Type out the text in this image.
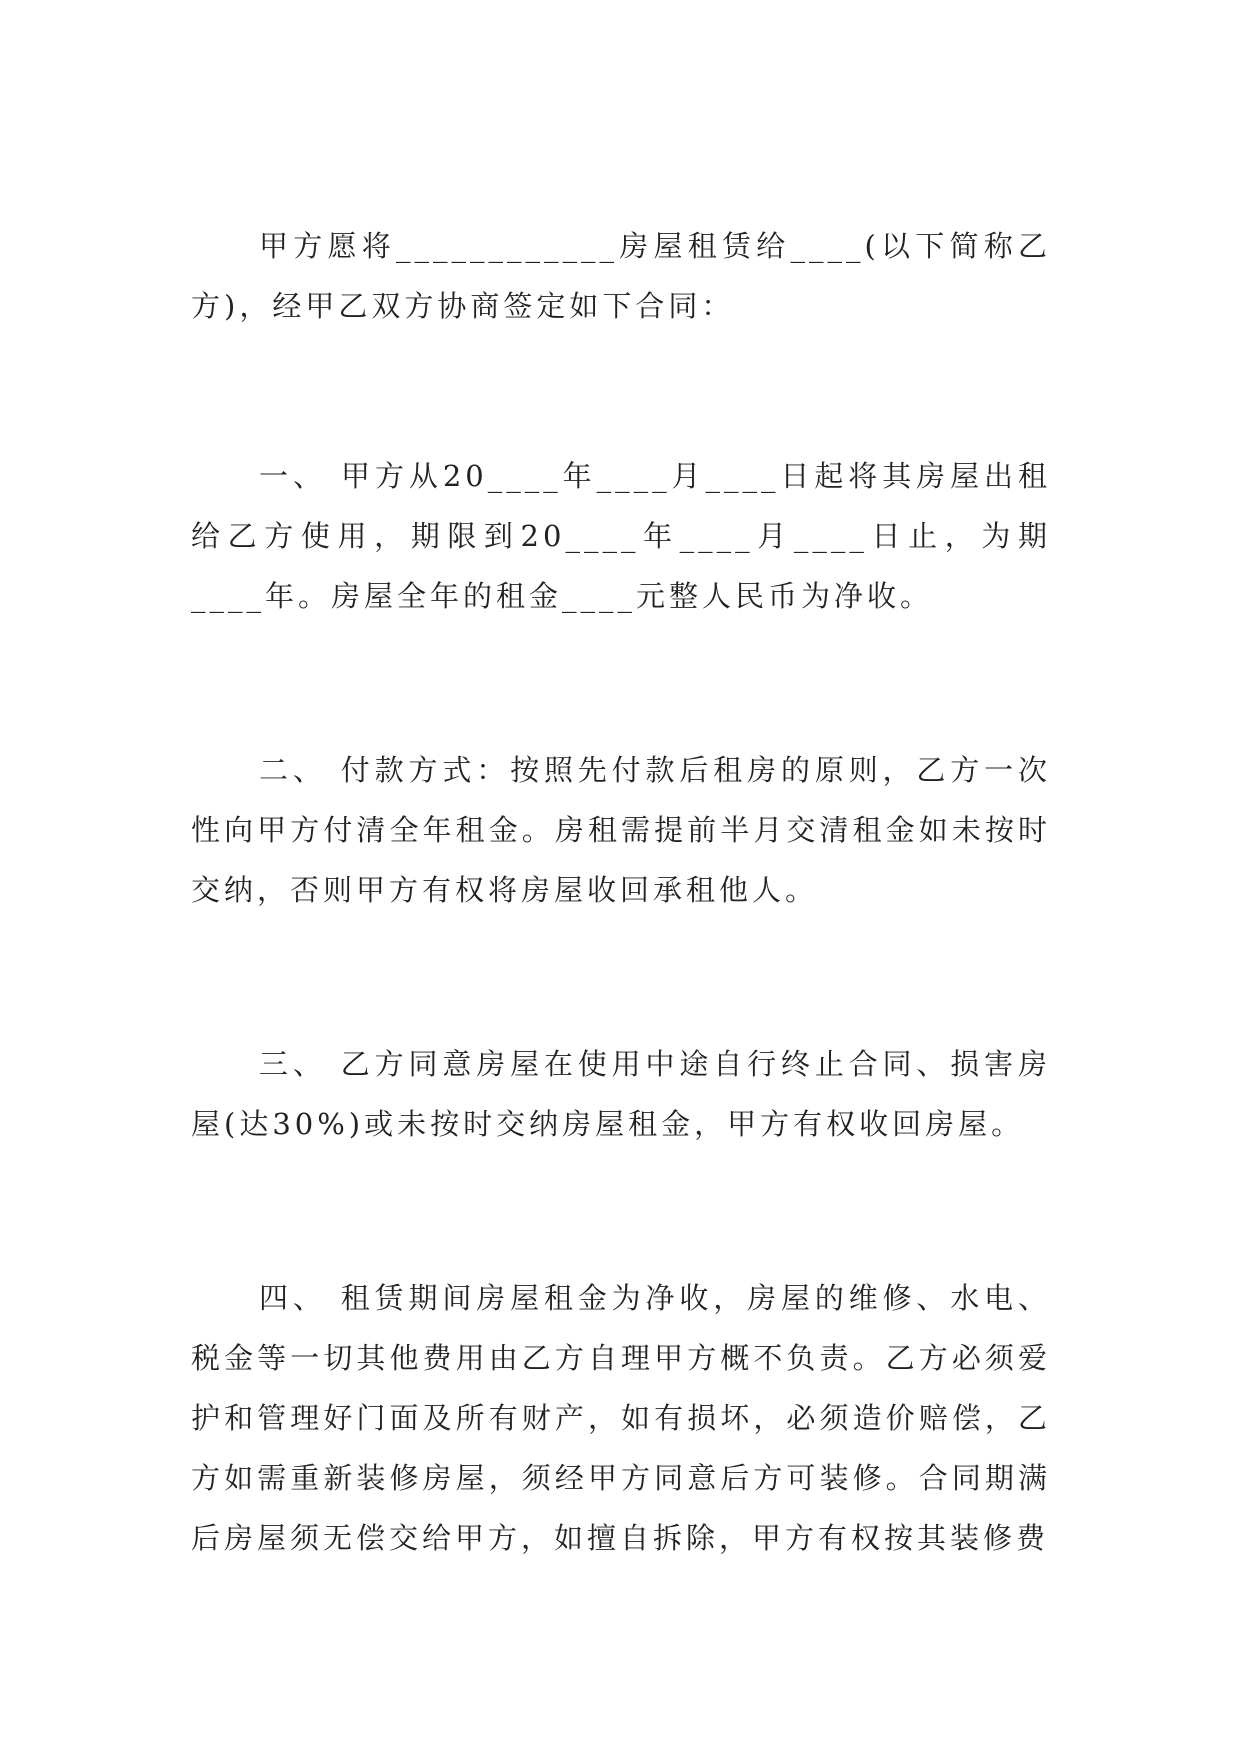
甲方愿将____________房屋租赁给____(以下简称乙方)，经甲乙双方协商签定如下合同：

一、 甲方从20____年____月____日起将其房屋出租给乙方使用，期限到20____年____月____日止，为期____年。房屋全年的租金____元整人民币为净收。

二、 付款方式：按照先付款后租房的原则，乙方一次性向甲方付清全年租金。房租需提前半月交清租金如未按时交纳，否则甲方有权将房屋收回承租他人。

三、 乙方同意房屋在使用中途自行终止合同、损害房屋(达30%)或未按时交纳房屋租金，甲方有权收回房屋。

四、 租赁期间房屋租金为净收，房屋的维修、水电、税金等一切其他费用由乙方自理甲方概不负责。乙方必须爱护和管理好门面及所有财产，如有损坏，必须造价赔偿，乙方如需重新装修房屋，须经甲方同意后方可装修。合同期满后房屋须无偿交给甲方，如擅自拆除，甲方有权按其装修费
